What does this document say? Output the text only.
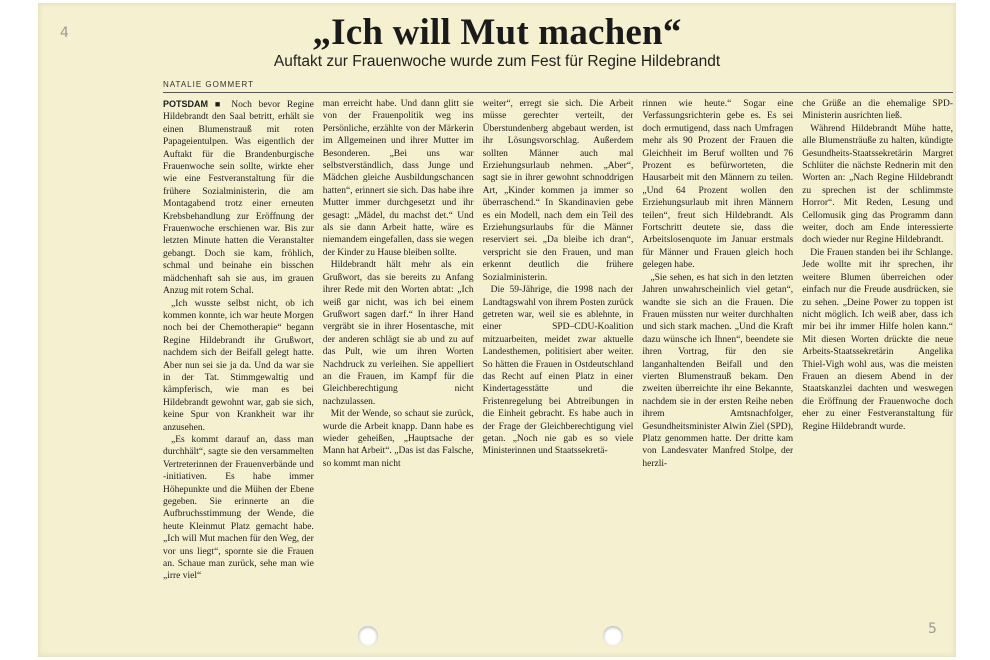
4
5
„Ich will Mut machen“
Auftakt zur Frauenwoche wurde zum Fest für Regine Hildebrandt
NATALIE GOMMERT

POTSDAM ■ Noch bevor Regine Hildebrandt den Saal betritt, erhält sie einen Blumenstrauß mit roten Papageientulpen. Was eigentlich der Auftakt für die Brandenburgische Frauenwoche sein sollte, wirkte eher wie eine Festveranstaltung für die frühere Sozialministerin, die am Montagabend trotz einer erneuten Krebsbehandlung zur Eröffnung der Frauenwoche erschienen war. Bis zur letzten Minute hatten die Veranstalter gebangt. Doch sie kam, fröhlich, schmal und beinahe ein bisschen mädchenhaft sah sie aus, im grauen Anzug mit rotem Schal.

„Ich wusste selbst nicht, ob ich kommen konnte, ich war heute Morgen noch bei der Chemotherapie“ begann Regine Hildebrandt ihr Grußwort, nachdem sich der Beifall gelegt hatte. Aber nun sei sie ja da. Und da war sie in der Tat. Stimmgewaltig und kämpferisch, wie man es bei Hildebrandt gewohnt war, gab sie sich, keine Spur von Krankheit war ihr anzusehen.

„Es kommt darauf an, dass man durchhält“, sagte sie den versammelten Vertreterinnen der Frauenverbände und -initiativen. Es habe immer Höhepunkte und die Mühen der Ebene gegeben. Sie erinnerte an die Aufbruchsstimmung der Wende, die heute Kleinmut Platz gemacht habe. „Ich will Mut machen für den Weg, der vor uns liegt“, spornte sie die Frauen an. Schaue man zurück, sehe man wie „irre viel“

man erreicht habe. Und dann glitt sie von der Frauenpolitik weg ins Persönliche, erzählte von der Märkerin im Allgemeinen und ihrer Mutter im Besonderen. „Bei uns war selbstverständlich, dass Junge und Mädchen gleiche Ausbildungschancen hatten“, erinnert sie sich. Das habe ihre Mutter immer durchgesetzt und ihr gesagt: „Mädel, du machst det.“ Und als sie dann Arbeit hatte, wäre es niemandem eingefallen, dass sie wegen der Kinder zu Hause bleiben sollte.

Hildebrandt hält mehr als ein Grußwort, das sie bereits zu Anfang ihrer Rede mit den Worten abtat: „Ich weiß gar nicht, was ich bei einem Grußwort sagen darf.“ In ihrer Hand vergräbt sie in ihrer Hosentasche, mit der anderen schlägt sie ab und zu auf das Pult, wie um ihren Worten Nachdruck zu verleihen. Sie appelliert an die Frauen, im Kampf für die Gleichberechtigung nicht nachzulassen.

Mit der Wende, so schaut sie zurück, wurde die Arbeit knapp. Dann habe es wieder geheißen, „Hauptsache der Mann hat Arbeit“. „Das ist das Falsche, so kommt man nicht

weiter“, erregt sie sich. Die Arbeit müsse gerechter verteilt, der Überstundenberg abgebaut werden, ist ihr Lösungsvorschlag. Außerdem sollten Männer auch mal Erziehungsurlaub nehmen. „Aber“, sagt sie in ihrer gewohnt schnoddrigen Art, „Kinder kommen ja immer so überraschend.“ In Skandinavien gebe es ein Modell, nach dem ein Teil des Erziehungsurlaubs für die Männer reserviert sei. „Da bleibe ich dran“, verspricht sie den Frauen, und man erkennt deutlich die frühere Sozialministerin.

Die 59-Jährige, die 1998 nach der Landtagswahl von ihrem Posten zurück getreten war, weil sie es ablehnte, in einer SPD–CDU-Koalition mitzuarbeiten, meidet zwar aktuelle Landesthemen, politisiert aber weiter. So hätten die Frauen in Ostdeutschland das Recht auf einen Platz in einer Kindertagesstätte und die Fristenregelung bei Abtreibungen in die Einheit gebracht. Es habe auch in der Frage der Gleichberechtigung viel getan. „Noch nie gab es so viele Ministerinnen und Staatssekretä-

rinnen wie heute.“ Sogar eine Verfassungsrichterin gebe es. Es sei doch ermutigend, dass nach Umfragen mehr als 90 Prozent der Frauen die Gleichheit im Beruf wollten und 76 Prozent es befürworteten, die Hausarbeit mit den Männern zu teilen. „Und 64 Prozent wollen den Erziehungsurlaub mit ihren Männern teilen“, freut sich Hildebrandt. Als Fortschritt deutete sie, dass die Arbeitslosenquote im Januar erstmals für Männer und Frauen gleich hoch gelegen habe.

„Sie sehen, es hat sich in den letzten Jahren unwahrscheinlich viel getan“, wandte sie sich an die Frauen. Die Frauen müssten nur weiter durchhalten und sich stark machen. „Und die Kraft dazu wünsche ich Ihnen“, beendete sie ihren Vortrag, für den sie langanhaltenden Beifall und den vierten Blumenstrauß bekam. Den zweiten überreichte ihr eine Bekannte, nachdem sie in der ersten Reihe neben ihrem Amtsnachfolger, Gesundheitsminister Alwin Ziel (SPD), Platz genommen hatte. Der dritte kam von Landesvater Manfred Stolpe, der herzli-

che Grüße an die ehemalige SPD-Ministerin ausrichten ließ.

Während Hildebrandt Mühe hatte, alle Blumensträuße zu halten, kündigte Gesundheits-Staatssekretärin Margret Schlüter die nächste Rednerin mit den Worten an: „Nach Regine Hildebrandt zu sprechen ist der schlimmste Horror“. Mit Reden, Lesung und Cellomusik ging das Programm dann weiter, doch am Ende interessierte doch wieder nur Regine Hildebrandt.

Die Frauen standen bei ihr Schlange. Jede wollte mit ihr sprechen, ihr weitere Blumen überreichen oder einfach nur die Freude ausdrücken, sie zu sehen. „Deine Power zu toppen ist nicht möglich. Ich weiß aber, dass ich mir bei ihr immer Hilfe holen kann.“ Mit diesen Worten drückte die neue Arbeits-Staatssekretärin Angelika Thiel-Vigh wohl aus, was die meisten Frauen an diesem Abend in der Staatskanzlei dachten und weswegen die Eröffnung der Frauenwoche doch eher zu einer Festveranstaltung für Regine Hildebrandt wurde.
